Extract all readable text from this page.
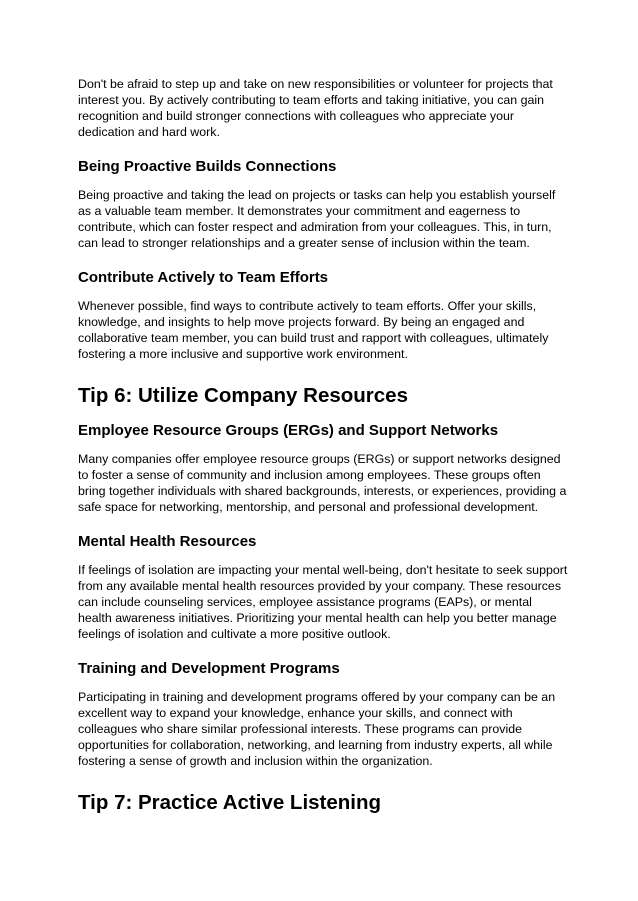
Don't be afraid to step up and take on new responsibilities or volunteer for projects that interest you. By actively contributing to team efforts and taking initiative, you can gain recognition and build stronger connections with colleagues who appreciate your dedication and hard work.

Being Proactive Builds Connections

Being proactive and taking the lead on projects or tasks can help you establish yourself as a valuable team member. It demonstrates your commitment and eagerness to contribute, which can foster respect and admiration from your colleagues. This, in turn, can lead to stronger relationships and a greater sense of inclusion within the team.

Contribute Actively to Team Efforts

Whenever possible, find ways to contribute actively to team efforts. Offer your skills, knowledge, and insights to help move projects forward. By being an engaged and collaborative team member, you can build trust and rapport with colleagues, ultimately fostering a more inclusive and supportive work environment.

Tip 6: Utilize Company Resources
Employee Resource Groups (ERGs) and Support Networks

Many companies offer employee resource groups (ERGs) or support networks designed to foster a sense of community and inclusion among employees. These groups often bring together individuals with shared backgrounds, interests, or experiences, providing a safe space for networking, mentorship, and personal and professional development.

Mental Health Resources

If feelings of isolation are impacting your mental well-being, don't hesitate to seek support from any available mental health resources provided by your company. These resources can include counseling services, employee assistance programs (EAPs), or mental health awareness initiatives. Prioritizing your mental health can help you better manage feelings of isolation and cultivate a more positive outlook.

Training and Development Programs

Participating in training and development programs offered by your company can be an excellent way to expand your knowledge, enhance your skills, and connect with colleagues who share similar professional interests. These programs can provide opportunities for collaboration, networking, and learning from industry experts, all while fostering a sense of growth and inclusion within the organization.

Tip 7: Practice Active Listening
